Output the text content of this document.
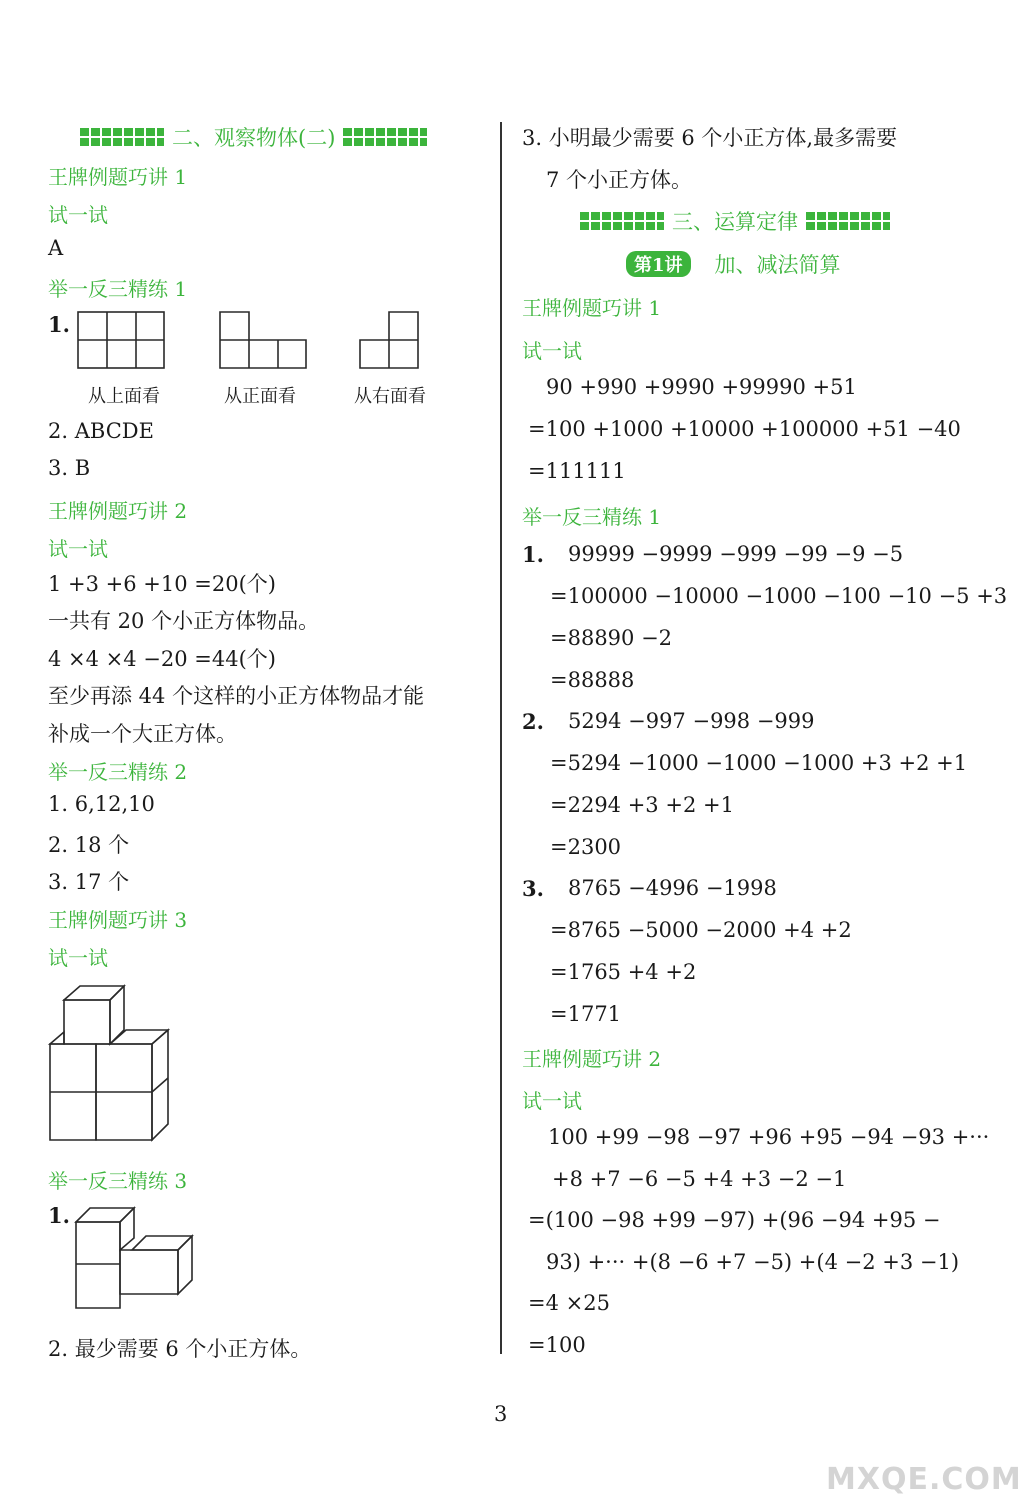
二、观察物体(二)
王牌例题巧讲 1
试一试
A
举一反三精练 1
1.
从上面看	从正面看	从右面看
2. ABCDE
3. B
王牌例题巧讲 2
试一试
1 +3 +6 +10 =20(个)
一共有 20 个小正方体物品。
4 ×4 ×4 −20 =44(个)
至少再添 44 个这样的小正方体物品才能
补成一个大正方体。
举一反三精练 2
1. 6,12,10
2. 18 个
3. 17 个
王牌例题巧讲 3
试一试
举一反三精练 3
1.
2. 最少需要 6 个小正方体。
3. 小明最少需要 6 个小正方体,最多需要
7 个小正方体。
三、运算定律
第1讲	加、减法简算
王牌例题巧讲 1
试一试
90 +990 +9990 +99990 +51
=100 +1000 +10000 +100000 +51 −40
=111111
举一反三精练 1
1. 99999 −9999 −999 −99 −9 −5
=100000 −10000 −1000 −100 −10 −5 +3
=88890 −2
=88888
2. 5294 −997 −998 −999
=5294 −1000 −1000 −1000 +3 +2 +1
=2294 +3 +2 +1
=2300
3. 8765 −4996 −1998
=8765 −5000 −2000 +4 +2
=1765 +4 +2
=1771
王牌例题巧讲 2
试一试
100 +99 −98 −97 +96 +95 −94 −93 +···
+8 +7 −6 −5 +4 +3 −2 −1
=(100 −98 +99 −97) +(96 −94 +95 −
93) +··· +(8 −6 +7 −5) +(4 −2 +3 −1)
=4 ×25
=100
3
MXQE.COM
